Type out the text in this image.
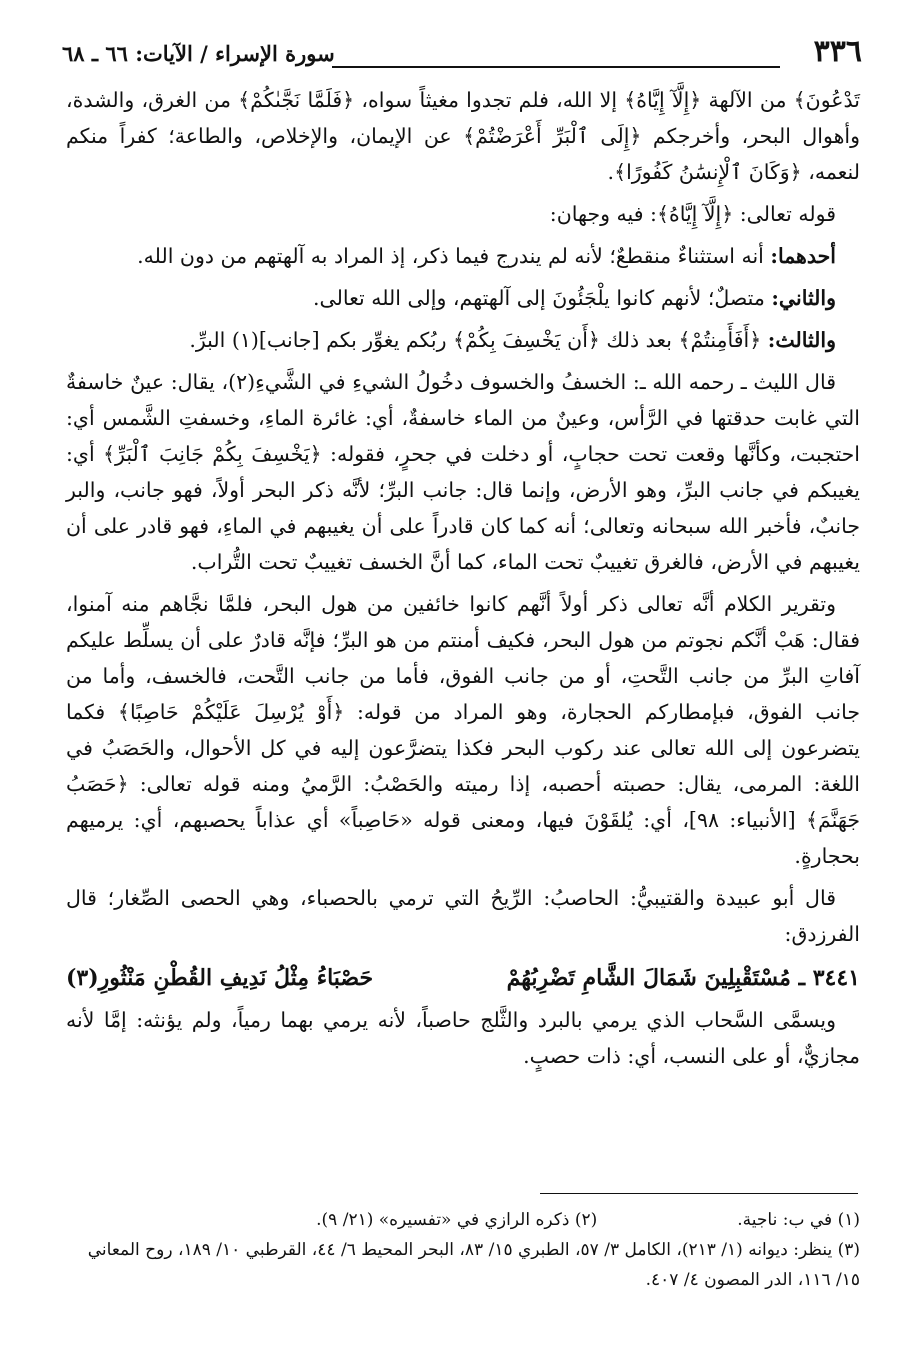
٣٣٦
سورة الإسراء / الآيات: ٦٦ ـ ٦٨

تَدْعُونَ﴾ من الآلهة ﴿إِلَّآ إِيَّاهُ﴾ إلا الله، فلم تجدوا مغيثاً سواه، ﴿فَلَمَّا نَجَّىٰكُمْ﴾ من الغرق، والشدة، وأهوال البحر، وأخرجكم ﴿إِلَى ٱلْبَرِّ أَعْرَضْتُمْ﴾ عن الإيمان، والإخلاص، والطاعة؛ كفراً منكم لنعمه، ﴿وَكَانَ ٱلْإِنسَٰنُ كَفُورًا﴾.

قوله تعالى: ﴿إِلَّآ إِيَّاهُ﴾: فيه وجهان:

أحدهما: أنه استثناءٌ منقطعٌ؛ لأنه لم يندرج فيما ذكر، إذ المراد به آلهتهم من دون الله.

والثاني: متصلٌ؛ لأنهم كانوا يلْجَئُونَ إلى آلهتهم، وإلى الله تعالى.

والثالث: ﴿أَفَأَمِنتُمْ﴾ بعد ذلك ﴿أَن يَخْسِفَ بِكُمْ﴾ ربُكم يغوِّر بكم [جانب](١) البرِّ.

قال الليث ـ رحمه الله ـ: الخسفُ والخسوف دخُولُ الشيءِ في الشَّيءِ(٢)، يقال: عينٌ خاسفةٌ التي غابت حدقتها في الرَّأس، وعينٌ من الماء خاسفةٌ، أي: غائرة الماءِ، وخسفتِ الشَّمس أي: احتجبت، وكأنَّها وقعت تحت حجابٍ، أو دخلت في جحرٍ، فقوله: ﴿يَخْسِفَ بِكُمْ جَانِبَ ٱلْبَرِّ﴾ أي: يغيبكم في جانب البرِّ، وهو الأرض، وإنما قال: جانب البرِّ؛ لأنَّه ذكر البحر أولاً، فهو جانب، والبر جانبٌ، فأخبر الله سبحانه وتعالى؛ أنه كما كان قادراً على أن يغيبهم في الماءِ، فهو قادر على أن يغيبهم في الأرض، فالغرق تغييبٌ تحت الماء، كما أنَّ الخسف تغييبٌ تحت التُّراب.

وتقرير الكلام أنَّه تعالى ذكر أولاً أنَّهم كانوا خائفين من هول البحر، فلمَّا نجَّاهم منه آمنوا، فقال: هَبْ أنَّكم نجوتم من هول البحر، فكيف أمنتم من هو البرِّ؛ فإنَّه قادرٌ على أن يسلِّط عليكم آفاتِ البرِّ من جانب التَّحتِ، أو من جانب الفوق، فأما من جانب التَّحت، فالخسف، وأما من جانب الفوق، فبإمطاركم الحجارة، وهو المراد من قوله: ﴿أَوْ يُرْسِلَ عَلَيْكُمْ حَاصِبًا﴾ فكما يتضرعون إلى الله تعالى عند ركوب البحر فكذا يتضرَّعون إليه في كل الأحوال، والحَصَبُ في اللغة: المرمى، يقال: حصبته أحصبه، إذا رميته والحَصْبُ: الرَّميُ ومنه قوله تعالى: ﴿حَصَبُ جَهَنَّمَ﴾ [الأنبياء: ٩٨]، أي: يُلقَوْنَ فيها، ومعنى قوله «حَاصِباً» أي عذاباً يحصبهم، أي: يرميهم بحجارةٍ.

قال أبو عبيدة والقتيبيُّ: الحاصبُ: الرِّيحُ التي ترمي بالحصباء، وهي الحصى الصِّغار؛ قال الفرزدق:

٣٤٤١ ـ مُسْتَقْبِلِينَ شَمَالَ الشَّامِ تَضْرِبُهُمْ
حَصْبَاءُ مِثْلُ نَدِيفِ القُطْنِ مَنْثُورِ(٣)

ويسمَّى السَّحاب الذي يرمي بالبرد والثَّلج حاصباً، لأنه يرمي بهما رمياً، ولم يؤنثه: إمَّا لأنه مجازيٌّ، أو على النسب، أي: ذات حصبٍ.

(١) في ب: ناجية.
(٢) ذكره الرازي في «تفسيره» (٢١/ ٩).
(٣) ينظر: ديوانه (١/ ٢١٣)، الكامل ٣/ ٥٧، الطبري ١٥/ ٨٣، البحر المحيط ٦/ ٤٤، القرطبي ١٠/ ١٨٩، روح المعاني ١٥/ ١١٦، الدر المصون ٤/ ٤٠٧.
